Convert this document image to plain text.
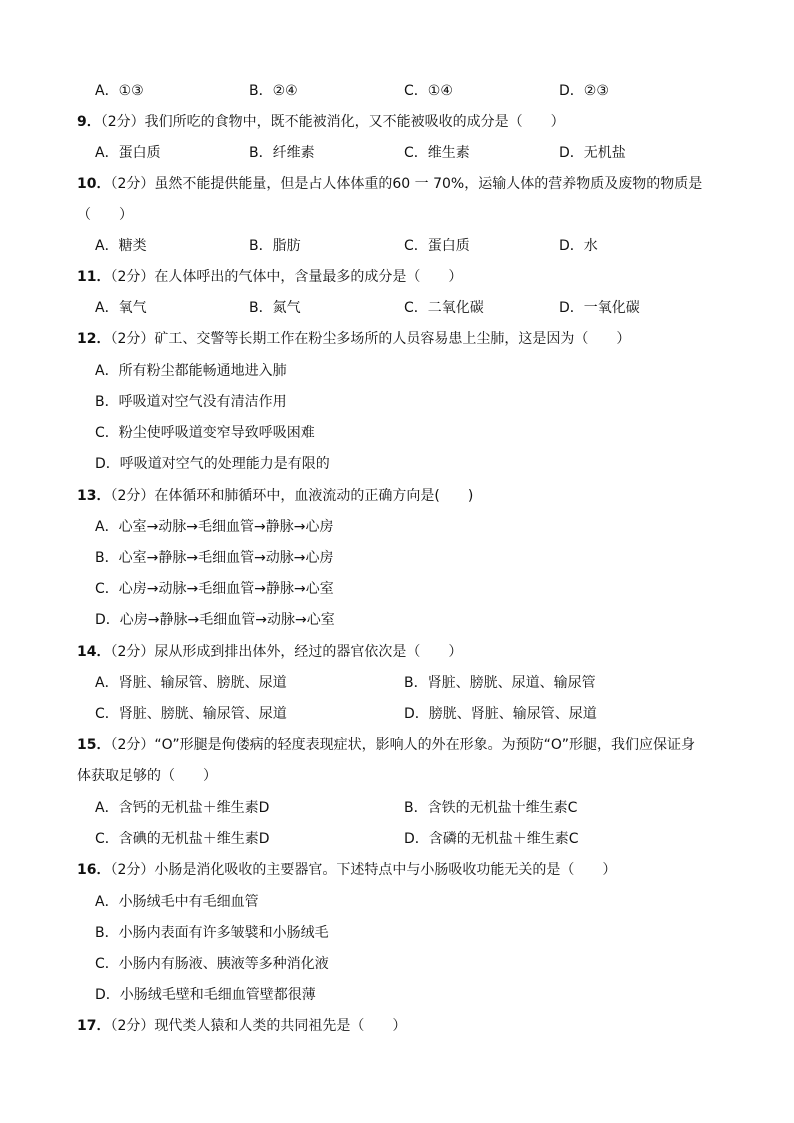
A．①③	B．②④	C．①④	D．②③
9．（2分）我们所吃的食物中，既不能被消化，又不能被吸收的成分是（　　）
A．蛋白质	B．纤维素	C．维生素	D．无机盐
10．（2分）虽然不能提供能量，但是占人体体重的60 一 70%，运输人体的营养物质及废物的物质是
（　　）
A．糖类	B．脂肪	C．蛋白质	D．水
11．（2分）在人体呼出的气体中，含量最多的成分是（　　）
A．氧气	B．氮气	C．二氧化碳	D．一氧化碳
12．（2分）矿工、交警等长期工作在粉尘多场所的人员容易患上尘肺，这是因为（　　）
A．所有粉尘都能畅通地进入肺
B．呼吸道对空气没有清洁作用
C．粉尘使呼吸道变窄导致呼吸困难
D．呼吸道对空气的处理能力是有限的
13．（2分）在体循环和肺循环中，血液流动的正确方向是(　　)
A．心室→动脉→毛细血管→静脉→心房
B．心室→静脉→毛细血管→动脉→心房
C．心房→动脉→毛细血管→静脉→心室
D．心房→静脉→毛细血管→动脉→心室
14．（2分）尿从形成到排出体外，经过的器官依次是（　　）
A．肾脏、输尿管、膀胱、尿道	B．肾脏、膀胱、尿道、输尿管
C．肾脏、膀胱、输尿管、尿道	D．膀胱、肾脏、输尿管、尿道
15．（2分）“O”形腿是佝偻病的轻度表现症状，影响人的外在形象。为预防“O”形腿，我们应保证身
体获取足够的（　　）
A．含钙的无机盐＋维生素D	B．含铁的无机盐十维生素C
C．含碘的无机盐＋维生素D	D．含磷的无机盐＋维生素C
16．（2分）小肠是消化吸收的主要器官。下述特点中与小肠吸收功能无关的是（　　）
A．小肠绒毛中有毛细血管
B．小肠内表面有许多皱襞和小肠绒毛
C．小肠内有肠液、胰液等多种消化液
D．小肠绒毛壁和毛细血管壁都很薄
17．（2分）现代类人猿和人类的共同祖先是（　　）
